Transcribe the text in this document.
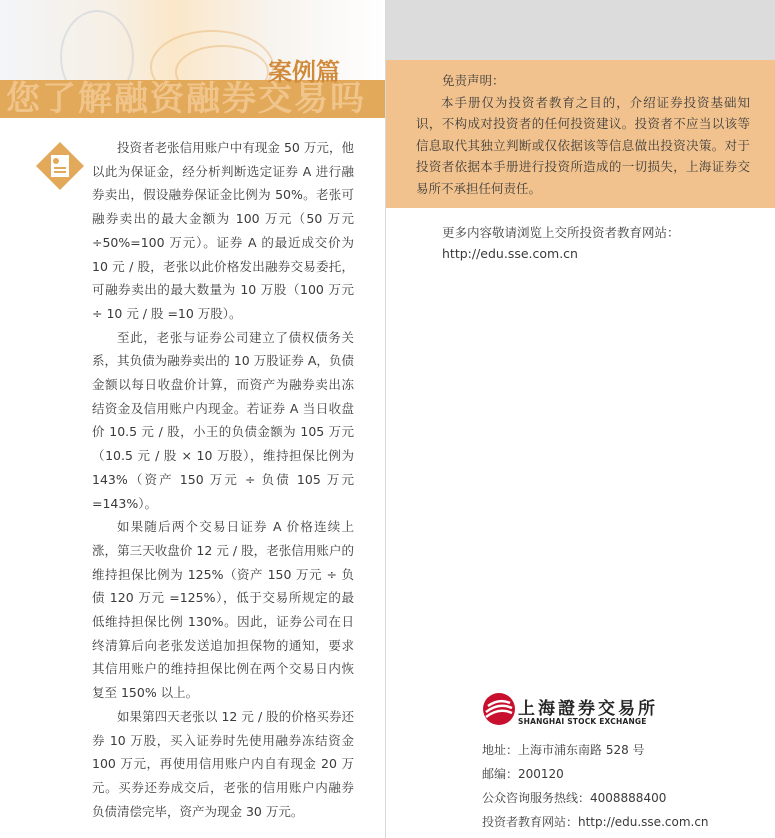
您了解融资融券交易吗
案例篇

投资者老张信用账户中有现金 50 万元，他以此为保证金，经分析判断选定证券 A 进行融券卖出，假设融券保证金比例为 50%。老张可融券卖出的最大金额为 100 万元（50 万元 ÷50%=100 万元）。证券 A 的最近成交价为 10 元 / 股，老张以此价格发出融券交易委托，可融券卖出的最大数量为 10 万股（100 万元 ÷ 10 元 / 股 =10 万股）。

至此，老张与证券公司建立了债权债务关系，其负债为融券卖出的 10 万股证券 A，负债金额以每日收盘价计算，而资产为融券卖出冻结资金及信用账户内现金。若证券 A 当日收盘价 10.5 元 / 股，小王的负债金额为 105 万元（10.5 元 / 股 × 10 万股），维持担保比例为 143%（资产 150 万元 ÷ 负债 105 万元 =143%）。

如果随后两个交易日证券 A 价格连续上涨，第三天收盘价 12 元 / 股，老张信用账户的维持担保比例为 125%（资产 150 万元 ÷ 负债 120 万元 =125%），低于交易所规定的最低维持担保比例 130%。因此，证券公司在日终清算后向老张发送追加担保物的通知，要求其信用账户的维持担保比例在两个交易日内恢复至 150% 以上。

如果第四天老张以 12 元 / 股的价格买券还券 10 万股，买入证券时先使用融券冻结资金 100 万元，再使用信用账户内自有现金 20 万元。买券还券成交后，老张的信用账户内融券负债清偿完毕，资产为现金 30 万元。

免责声明：
本手册仅为投资者教育之目的，介绍证券投资基础知识，不构成对投资者的任何投资建议。投资者不应当以该等信息取代其独立判断或仅依据该等信息做出投资决策。对于投资者依据本手册进行投资所造成的一切损失，上海证券交易所不承担任何责任。
更多内容敬请浏览上交所投资者教育网站：
http://edu.sse.com.cn
上海證券交易所
SHANGHAI STOCK EXCHANGE
地址：上海市浦东南路 528 号
邮编：200120
公众咨询服务热线：4008888400
投资者教育网站：http://edu.sse.com.cn
